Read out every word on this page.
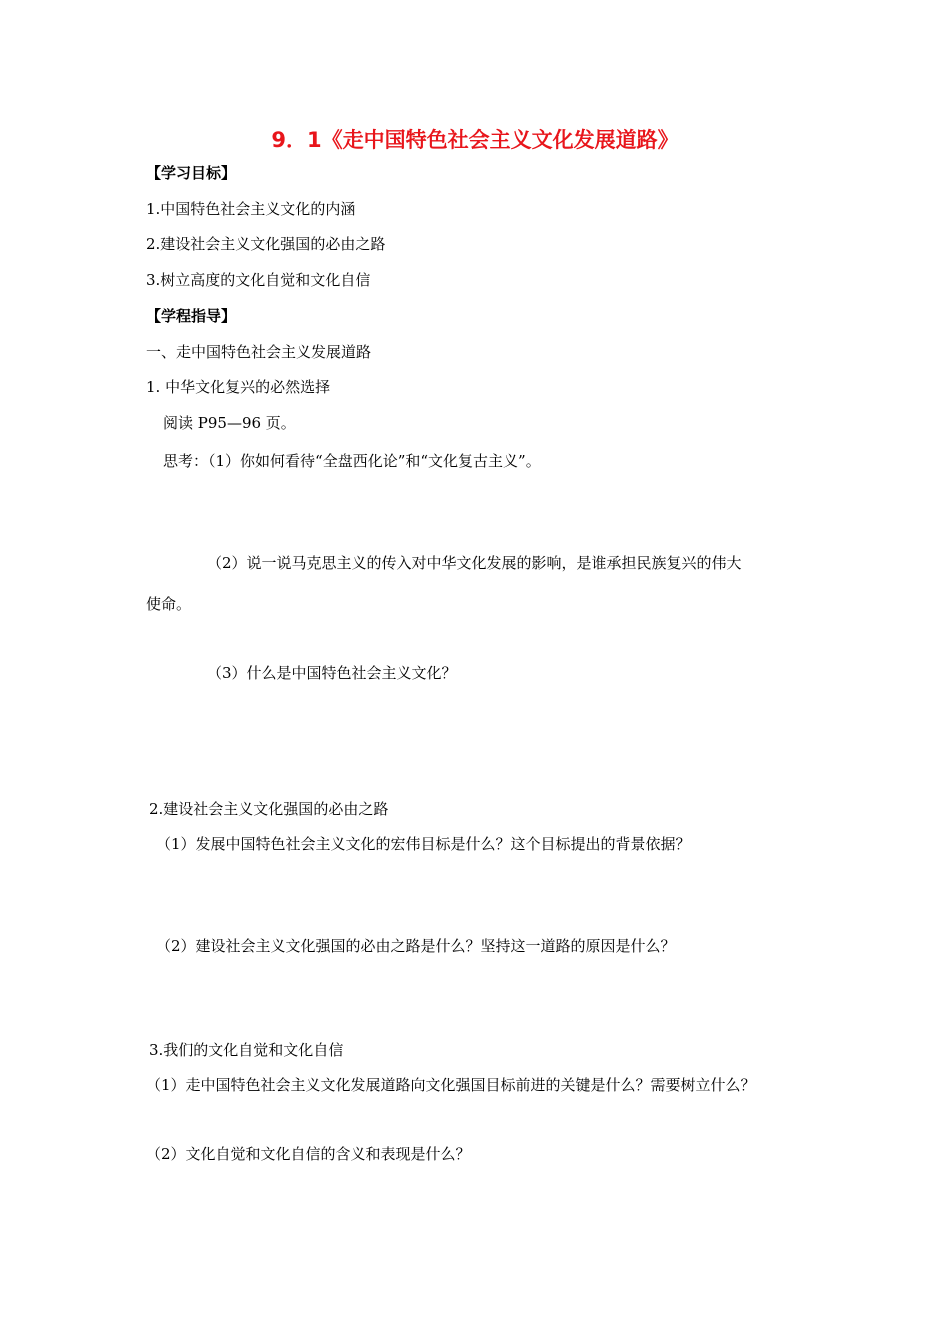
9．1《走中国特色社会主义文化发展道路》
【学习目标】
1.中国特色社会主义文化的内涵
2.建设社会主义文化强国的必由之路
3.树立高度的文化自觉和文化自信
【学程指导】
一、走中国特色社会主义发展道路
1. 中华文化复兴的必然选择
阅读 P95—96 页。
思考：（1）你如何看待“全盘西化论”和“文化复古主义”。
（2）说一说马克思主义的传入对中华文化发展的影响，是谁承担民族复兴的伟大
使命。
（3）什么是中国特色社会主义文化？
2.建设社会主义文化强国的必由之路
（1）发展中国特色社会主义文化的宏伟目标是什么？这个目标提出的背景依据？
（2）建设社会主义文化强国的必由之路是什么？坚持这一道路的原因是什么？
3.我们的文化自觉和文化自信
（1）走中国特色社会主义文化发展道路向文化强国目标前进的关键是什么？需要树立什么？
（2）文化自觉和文化自信的含义和表现是什么？
